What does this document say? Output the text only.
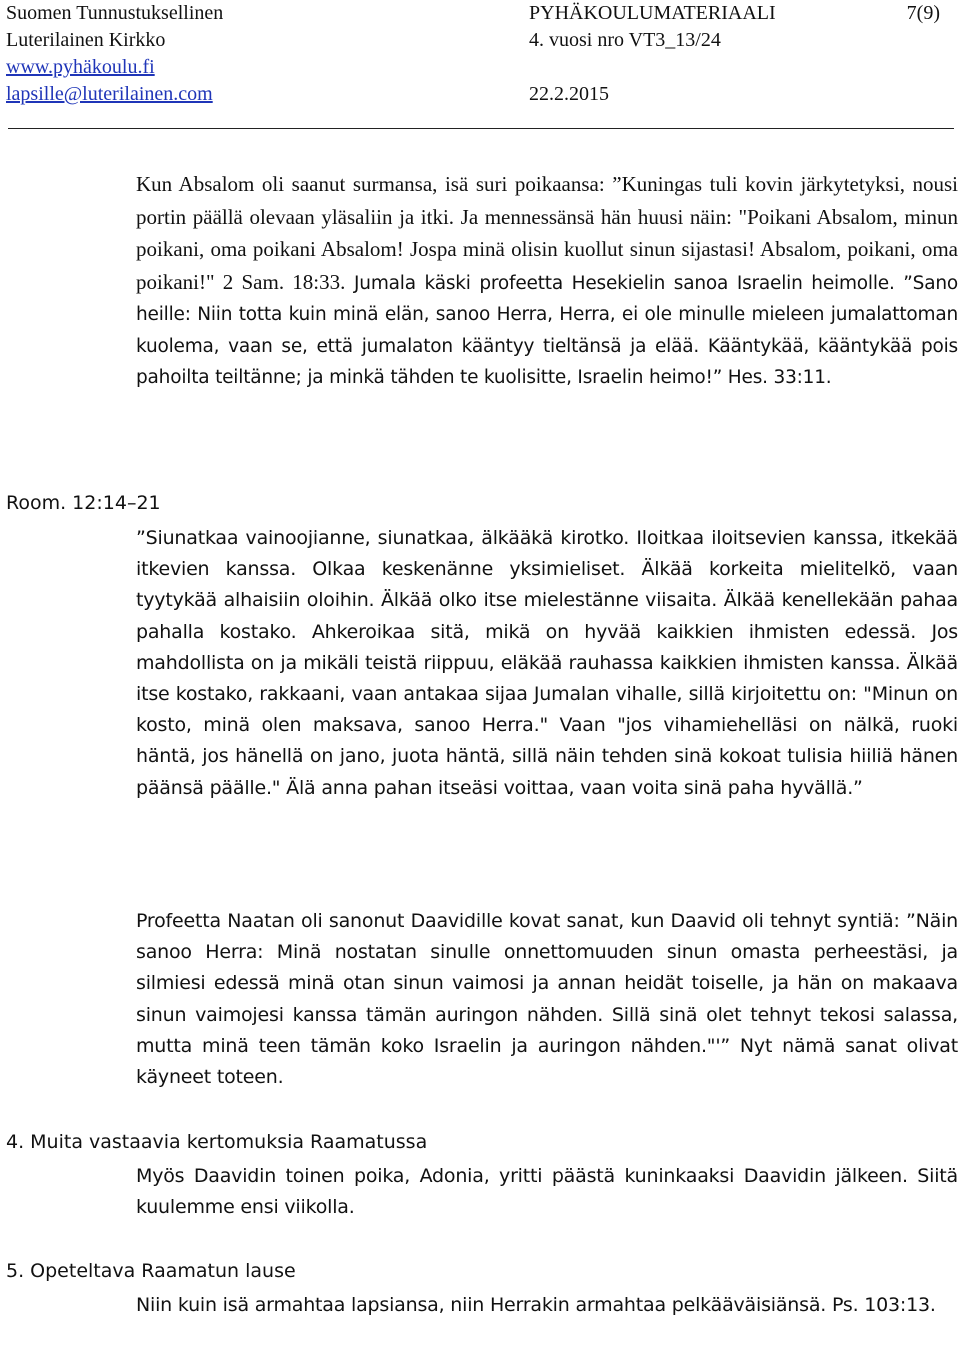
Suomen Tunnustuksellinen	PYHÄKOULUMATERIAALI	7(9)
Luterilainen Kirkko	4. vuosi nro VT3_13/24
www.pyhäkoulu.fi
lapsille@luterilainen.com	22.2.2015

Kun Absalom oli saanut surmansa, isä suri poikaansa: ”Kuningas tuli kovin järkytetyksi, nousi portin päällä olevaan yläsaliin ja itki. Ja mennessänsä hän huusi näin: "Poikani Absalom, minun poikani, oma poikani Absalom! Jospa minä olisin kuollut sinun sijastasi! Absalom, poikani, oma poikani!" 2 Sam. 18:33. Jumala käski profeetta Hesekielin sanoa Israelin heimolle. ”Sano heille: Niin totta kuin minä elän, sanoo Herra, Herra, ei ole minulle mieleen jumalattoman kuolema, vaan se, että jumalaton kääntyy tieltänsä ja elää. Kääntykää, kääntykää pois pahoilta teiltänne; ja minkä tähden te kuolisitte, Israelin heimo!” Hes. 33:11.

Room. 12:14–21

”Siunatkaa vainoojianne, siunatkaa, älkääkä kirotko. Iloitkaa iloitsevien kanssa, itkekää itkevien kanssa. Olkaa keskenänne yksimieliset. Älkää korkeita mielitelkö, vaan tyytykää alhaisiin oloihin. Älkää olko itse mielestänne viisaita. Älkää kenellekään pahaa pahalla kostako. Ahkeroikaa sitä, mikä on hyvää kaikkien ihmisten edessä. Jos mahdollista on ja mikäli teistä riippuu, eläkää rauhassa kaikkien ihmisten kanssa. Älkää itse kostako, rakkaani, vaan antakaa sijaa Jumalan vihalle, sillä kirjoitettu on: "Minun on kosto, minä olen maksava, sanoo Herra." Vaan "jos vihamiehelläsi on nälkä, ruoki häntä, jos hänellä on jano, juota häntä, sillä näin tehden sinä kokoat tulisia hiiliä hänen päänsä päälle." Älä anna pahan itseäsi voittaa, vaan voita sinä paha hyvällä.”

Profeetta Naatan oli sanonut Daavidille kovat sanat, kun Daavid oli tehnyt syntiä: ”Näin sanoo Herra: Minä nostatan sinulle onnettomuuden sinun omasta perheestäsi, ja silmiesi edessä minä otan sinun vaimosi ja annan heidät toiselle, ja hän on makaava sinun vaimojesi kanssa tämän auringon nähden. Sillä sinä olet tehnyt tekosi salassa, mutta minä teen tämän koko Israelin ja auringon nähden."'” Nyt nämä sanat olivat käyneet toteen.

4. Muita vastaavia kertomuksia Raamatussa

Myös Daavidin toinen poika, Adonia, yritti päästä kuninkaaksi Daavidin jälkeen. Siitä kuulemme ensi viikolla.

5. Opeteltava Raamatun lause

Niin kuin isä armahtaa lapsiansa, niin Herrakin armahtaa pelkääväisiänsä. Ps. 103:13.
